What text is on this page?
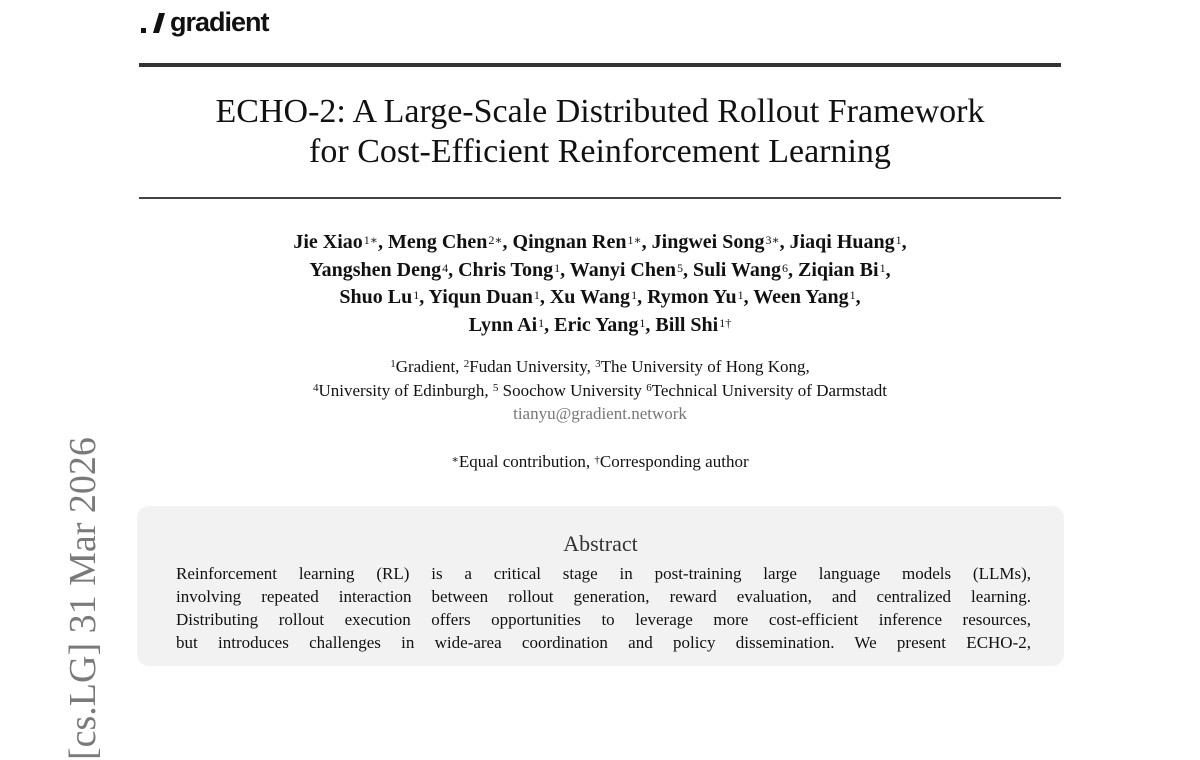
gradient
ECHO-2: A Large-Scale Distributed Rollout Framework
for Cost-Efficient Reinforcement Learning
Jie Xiao$^{1∗}$, Meng Chen$^{2∗}$, Qingnan Ren$^{1∗}$, Jingwei Song$^{3∗}$, Jiaqi Huang$^1$,
Yangshen Deng$^4$, Chris Tong$^1$, Wanyi Chen$^5$, Suli Wang$^6$, Ziqian Bi$^1$,
Shuo Lu$^1$, Yiqun Duan$^1$, Xu Wang$^1$, Rymon Yu$^1$, Ween Yang$^1$,
Lynn Ai$^1$, Eric Yang$^1$, Bill Shi$^{1\dagger}$
$^1$Gradient, $^2$Fudan University, $^3$The University of Hong Kong,
$^4$University of Edinburgh, $^5$ Soochow University $^6$Technical University of Darmstadt
tianyu@gradient.network
∗Equal contribution, †Corresponding author
Abstract
Reinforcement learning (RL) is a critical stage in post-training large language models (LLMs),
involving repeated interaction between rollout generation, reward evaluation, and centralized learning.
Distributing rollout execution offers opportunities to leverage more cost-efficient inference resources,
but introduces challenges in wide-area coordination and policy dissemination. We present ECHO-2,
[cs.LG] 31 Mar 2026
